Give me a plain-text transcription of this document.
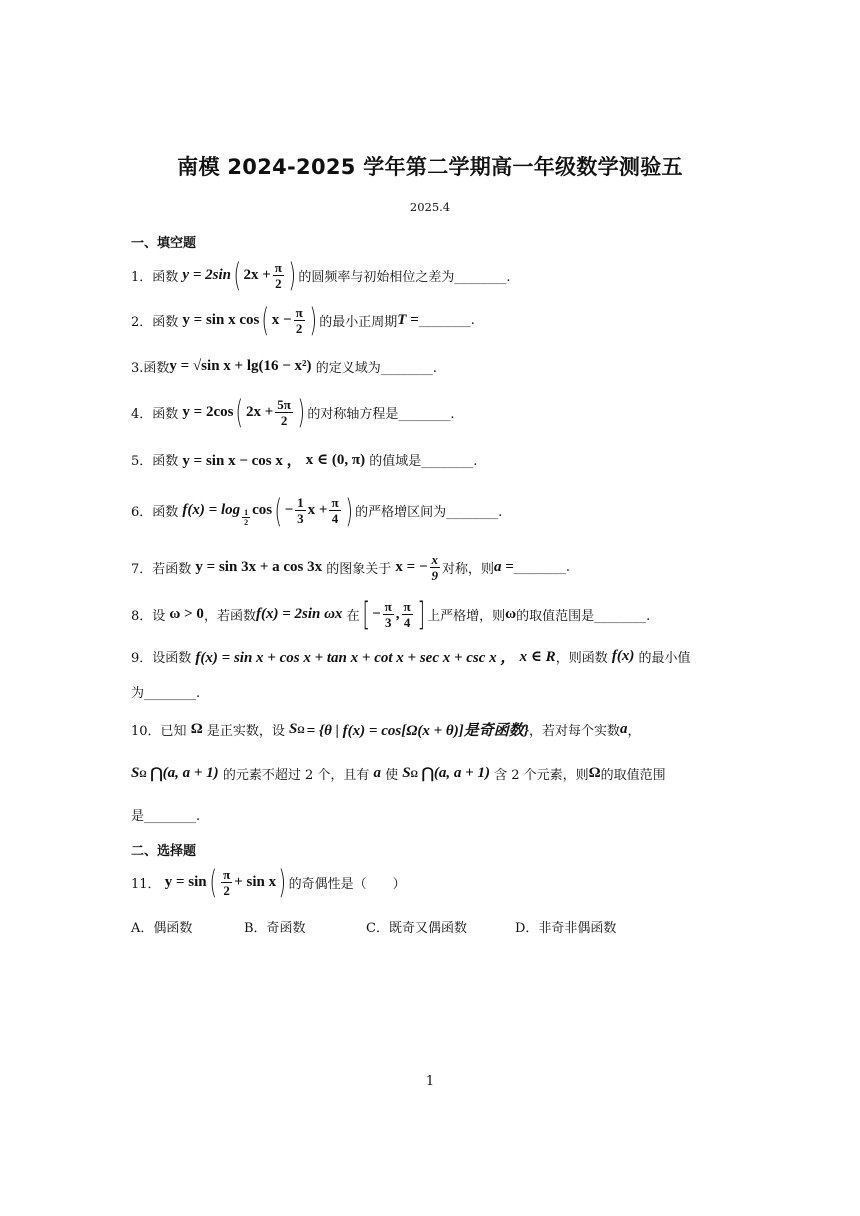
南模 2024-2025 学年第二学期高一年级数学测验五
2025.4
一、填空题
1．函数
y = 2sin ( $2x + \frac{\pi}{2}$ ) 的圆频率与初始相位之差为________.
2．函数
y = sin x cos ( $x - \frac{\pi}{2}$ ) 的最小正周期 T = ________.
3.函数 y = √sin x + lg(16 − x²)
的定义域为________.
4．函数
y = 2cos ( $2x + \frac{5\pi}{2}$ ) 的对称轴方程是________.
5．函数
y = sin x − cos x ，
x ∈ (0, π)
的值域是________.
6．函数
$f(x) = \log \frac{1}{2}$ cos ( − $\frac{1}{3}$ $x + \frac{\pi}{4}$ ) 的严格增区间为________.
7．若函数
y = sin 3x + a cos 3x
的图象关于
x = − $\frac{x}{9}$ 对称，则 a = ________.
8．设
ω > 0 ，若函数 f(x) = 2sin ωx
在 [ − $\frac{\pi}{3}$ , $\frac{\pi}{4}$ ] 上严格增，则 ω 的取值范围是________.
9．设函数
f(x) = sin x + cos x + tan x + cot x + sec x + csc x ，
x ∈ R ，则函数
f(x)
的最小值
为________.
10．已知
Ω
是正实数，设
S Ω = {θ | f(x) = cos[Ω(x + θ)]是奇函数} ，若对每个实数 a ，
S Ω ⋂ (a, a + 1)
的元素不超过 2 个，且有
a
使
S Ω ⋂ (a, a + 1)
含 2 个元素，则 Ω 的取值范围
是________.
二、选择题
11．
y = sin ( $\frac{\pi}{2} + \sin x$ ) 的奇偶性是（　　）
A．偶函数	B．奇函数	C．既奇又偶函数	D．非奇非偶函数
1
